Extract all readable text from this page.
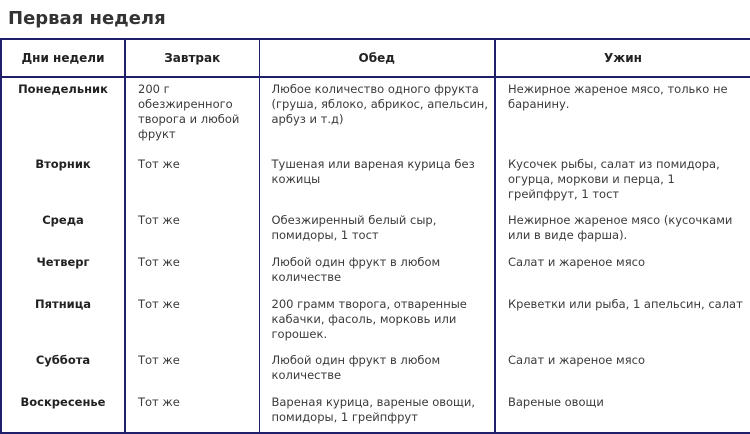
Первая неделя
Дни недели	Завтрак	Обед	Ужин
Понедельник	200 г обезжиренного творога и любой фрукт	Любое количество одного фрукта (груша, яблоко, абрикос, апельсин, арбуз и т.д)	Нежирное жареное мясо, только не баранину.
Вторник	Тот же	Тушеная или вареная курица без кожицы	Кусочек рыбы, салат из помидора, огурца, моркови и перца, 1 грейпфрут, 1 тост
Среда	Тот же	Обезжиренный белый сыр, помидоры, 1 тост	Нежирное жареное мясо (кусочками или в виде фарша).
Четверг	Тот же	Любой один фрукт в любом количестве	Салат и жареное мясо
Пятница	Тот же	200 грамм творога, отваренные кабачки, фасоль, морковь или горошек.	Креветки или рыба, 1 апельсин, салат
Суббота	Тот же	Любой один фрукт в любом количестве	Салат и жареное мясо
Воскресенье	Тот же	Вареная курица, вареные овощи, помидоры, 1 грейпфрут	Вареные овощи
